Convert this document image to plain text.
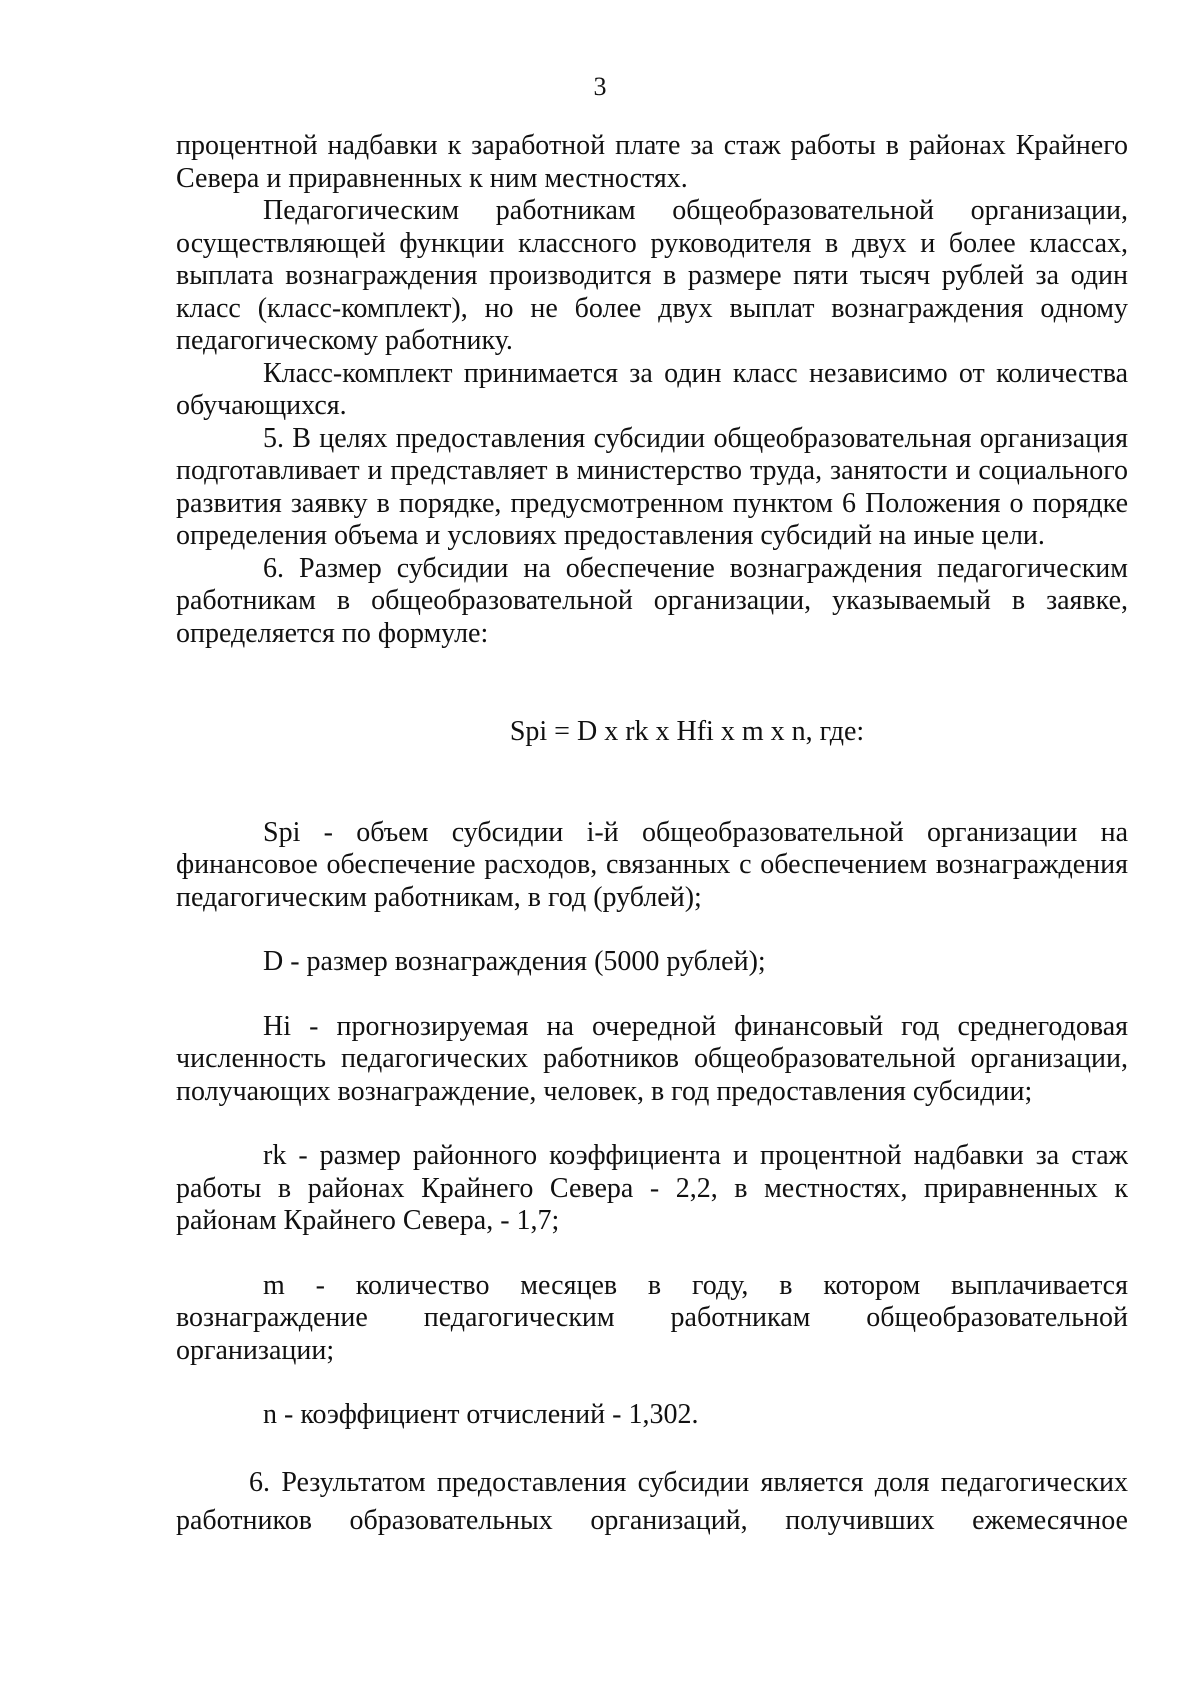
3

процентной надбавки к заработной плате за стаж работы в районах Крайнего Севера и приравненных к ним местностях.

Педагогическим работникам общеобразовательной организации, осуществляющей функции классного руководителя в двух и более классах, выплата вознаграждения производится в размере пяти тысяч рублей за один класс (класс-комплект), но не более двух выплат вознаграждения одному педагогическому работнику.

Класс-комплект принимается за один класс независимо от количества обучающихся.

5. В целях предоставления субсидии общеобразовательная организация подготавливает и представляет в министерство труда, занятости и социального развития заявку в порядке, предусмотренном пунктом 6 Положения о порядке определения объема и условиях предоставления субсидий на иные цели.

6. Размер субсидии на обеспечение вознаграждения педагогическим работникам в общеобразовательной организации, указываемый в заявке, определяется по формуле:

Spi = D x rk x Hfi x m x n, где:

Spi - объем субсидии i-й общеобразовательной организации на финансовое обеспечение расходов, связанных с обеспечением вознаграждения педагогическим работникам, в год (рублей);

D - размер вознаграждения (5000 рублей);

Hi - прогнозируемая на очередной финансовый год среднегодовая численность педагогических работников общеобразовательной организации, получающих вознаграждение, человек, в год предоставления субсидии;

rk - размер районного коэффициента и процентной надбавки за стаж работы в районах Крайнего Севера - 2,2, в местностях, приравненных к районам Крайнего Севера, - 1,7;

m - количество месяцев в году, в котором выплачивается вознаграждение педагогическим работникам общеобразовательной организации;

n - коэффициент отчислений - 1,302.

6. Результатом предоставления субсидии является доля педагогических работников образовательных организаций, получивших ежемесячное
